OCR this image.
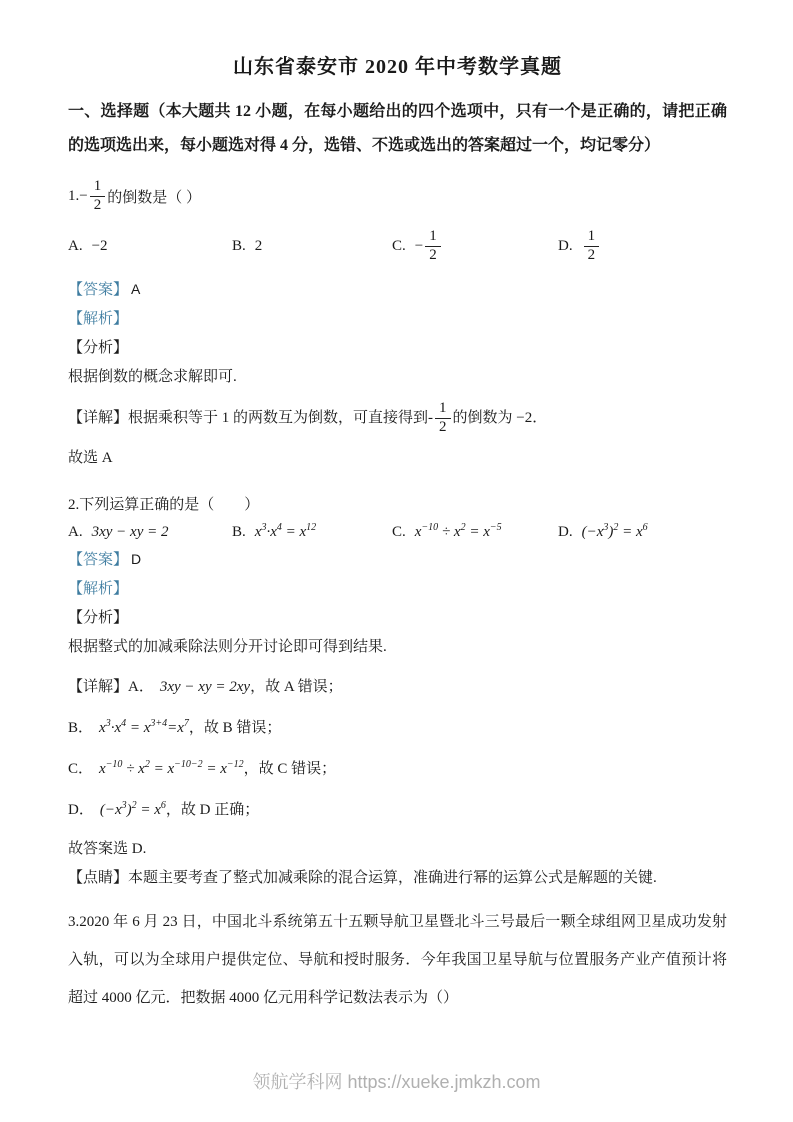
山东省泰安市 2020 年中考数学真题

一、选择题（本大题共 12 小题，在每小题给出的四个选项中，只有一个是正确的，请把正确的选项选出来，每小题选对得 4 分，选错、不选或选出的答案超过一个，均记零分）

1. − $\frac{1}{2}$ 的倒数是（ ）
A. −2	B. 2	C. − $\frac{1}{2}$	D. $\frac{1}{2}$

【答案】 A

【解析】

【分析】

根据倒数的概念求解即可.

【详解】 根据乘积等于 1 的两数互为倒数，可直接得到- $\frac{1}{2}$ 的倒数为 −2．

故选 A

2.下列运算正确的是（　　）

A. 3xy − xy = 2	B. $x^3\cdot x^4 = x^{12}$	C. $x^{-10} \div x^2 = x^{-5}$	D. $(-x^3)^2 = x^6$

【答案】 D

【解析】

【分析】

根据整式的加减乘除法则分开讨论即可得到结果.

【详解】A． 3xy − xy = 2xy，故 A 错误；

B． $x^3\cdot x^4 = x^{3+4}=x^7$，故 B 错误；

C． $x^{-10} \div x^2 = x^{-10-2} = x^{-12}$，故 C 错误；

D． $(-x^3)^2 = x^6$，故 D 正确；

故答案选 D.

【点睛】本题主要考查了整式加减乘除的混合运算，准确进行幂的运算公式是解题的关键.

3.2020 年 6 月 23 日，中国北斗系统第五十五颗导航卫星暨北斗三号最后一颗全球组网卫星成功发射入轨，可以为全球用户提供定位、导航和授时服务．今年我国卫星导航与位置服务产业产值预计将超过 4000 亿元．把数据 4000 亿元用科学记数法表示为（）

领航学科网 https://xueke.jmkzh.com
